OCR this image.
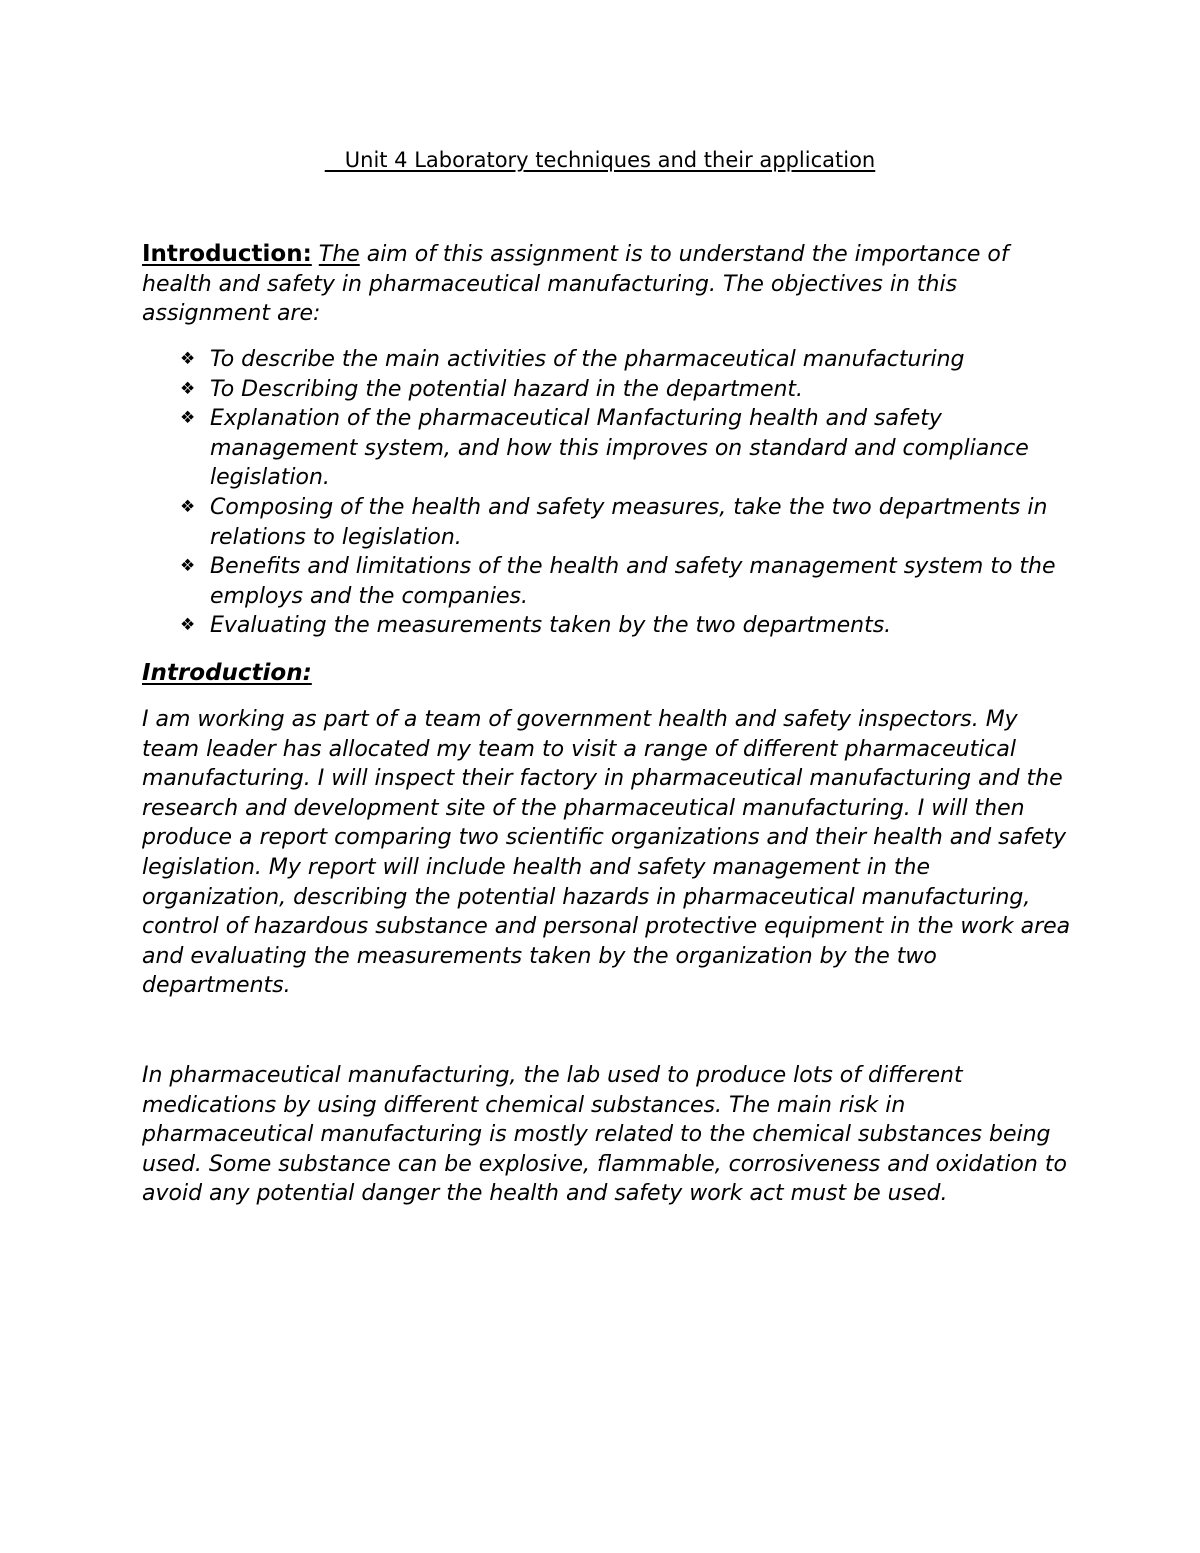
Unit 4 Laboratory techniques and their application
Introduction: The aim of this assignment is to understand the importance of health and safety in pharmaceutical manufacturing. The objectives in this assignment are:
❖ To describe the main activities of the pharmaceutical manufacturing
❖ To Describing the potential hazard in the department.
❖ Explanation of the pharmaceutical Manfacturing health and safety management system, and how this improves on standard and compliance legislation.
❖ Composing of the health and safety measures, take the two departments in relations to legislation.
❖ Benefits and limitations of the health and safety management system to the employs and the companies.
❖ Evaluating the measurements taken by the two departments.
Introduction:
I am working as part of a team of government health and safety inspectors. My team leader has allocated my team to visit a range of different pharmaceutical manufacturing. I will inspect their factory in pharmaceutical manufacturing and the research and development site of the pharmaceutical manufacturing. I will then produce a report comparing two scientific organizations and their health and safety legislation. My report will include health and safety management in the organization, describing the potential hazards in pharmaceutical manufacturing, control of hazardous substance and personal protective equipment in the work area and evaluating the measurements taken by the organization by the two departments.
In pharmaceutical manufacturing, the lab used to produce lots of different medications by using different chemical substances. The main risk in pharmaceutical manufacturing is mostly related to the chemical substances being used. Some substance can be explosive, flammable, corrosiveness and oxidation to avoid any potential danger the health and safety work act must be used.
